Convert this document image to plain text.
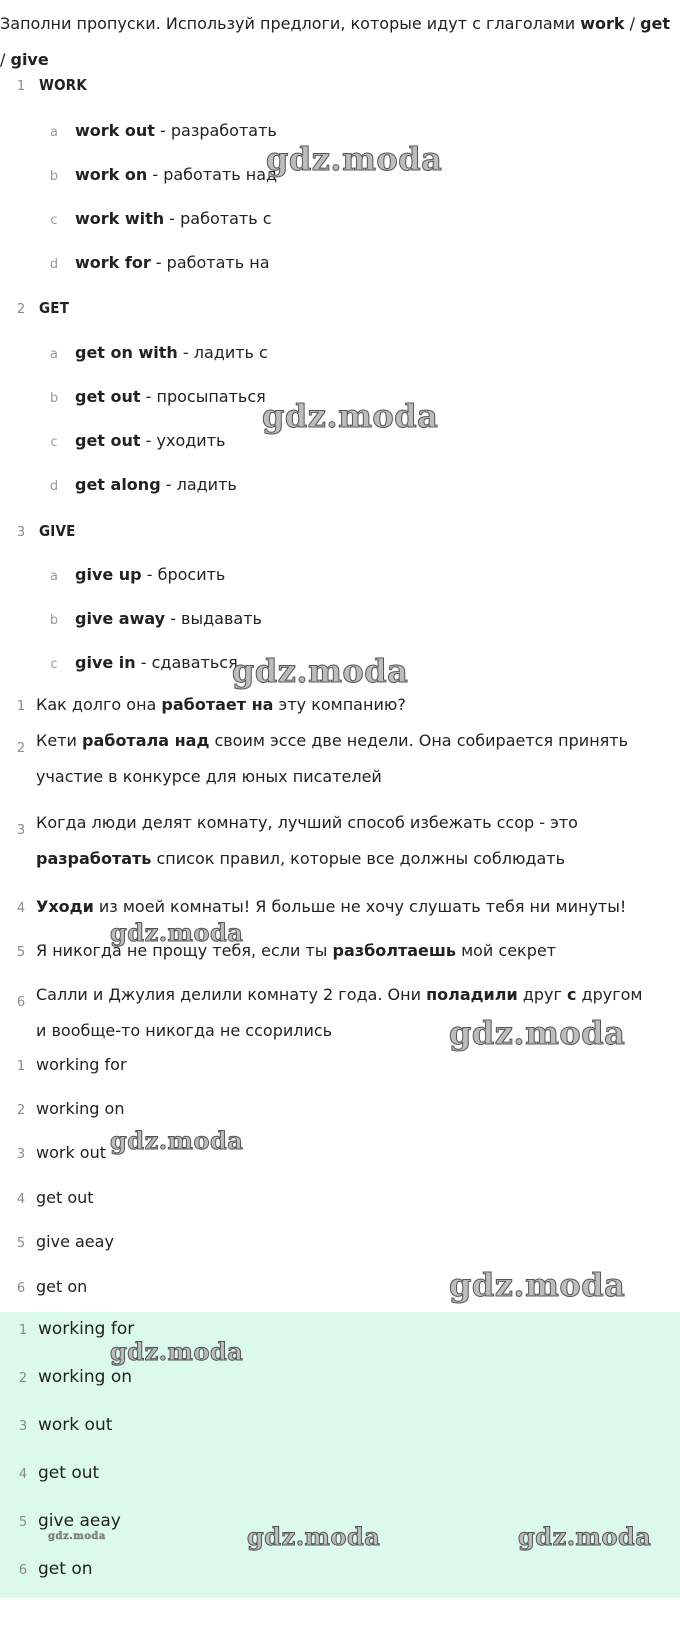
Заполни пропуски. Используй предлоги, которые идут с глаголами work / get / give
1 WORK
a	work out - разработать
b	work on - работать над
c	work with - работать с
d	work for - работать на
2 GET
a	get on with - ладить с
b	get out - просыпаться
c	get out - уходить
d	get along - ладить
3 GIVE
a	give up - бросить
b	give away - выдавать
c	give in - сдаваться
1 Как долго она работает на эту компанию?
2 Кети работала над своим эссе две недели. Она собирается принять участие в конкурсе для юных писателей
3 Когда люди делят комнату, лучший способ избежать ссор - это разработать список правил, которые все должны соблюдать
4 Уходи из моей комнаты! Я больше не хочу слушать тебя ни минуты!
5 Я никогда не прощу тебя, если ты разболтаешь мой секрет
6 Салли и Джулия делили комнату 2 года. Они поладили друг с другом и вообще-то никогда не ссорились
1 working for
2 working on
3 work out
4 get out
5 give aeay
6 get on
1 working for
2 working on
3 work out
4 get out
5 give aeay
6 get on
gdz.moda
gdz.moda
gdz.moda
gdz.moda
gdz.moda
gdz.moda
gdz.moda
gdz.moda
gdz.moda	gdz.moda	gdz.moda
